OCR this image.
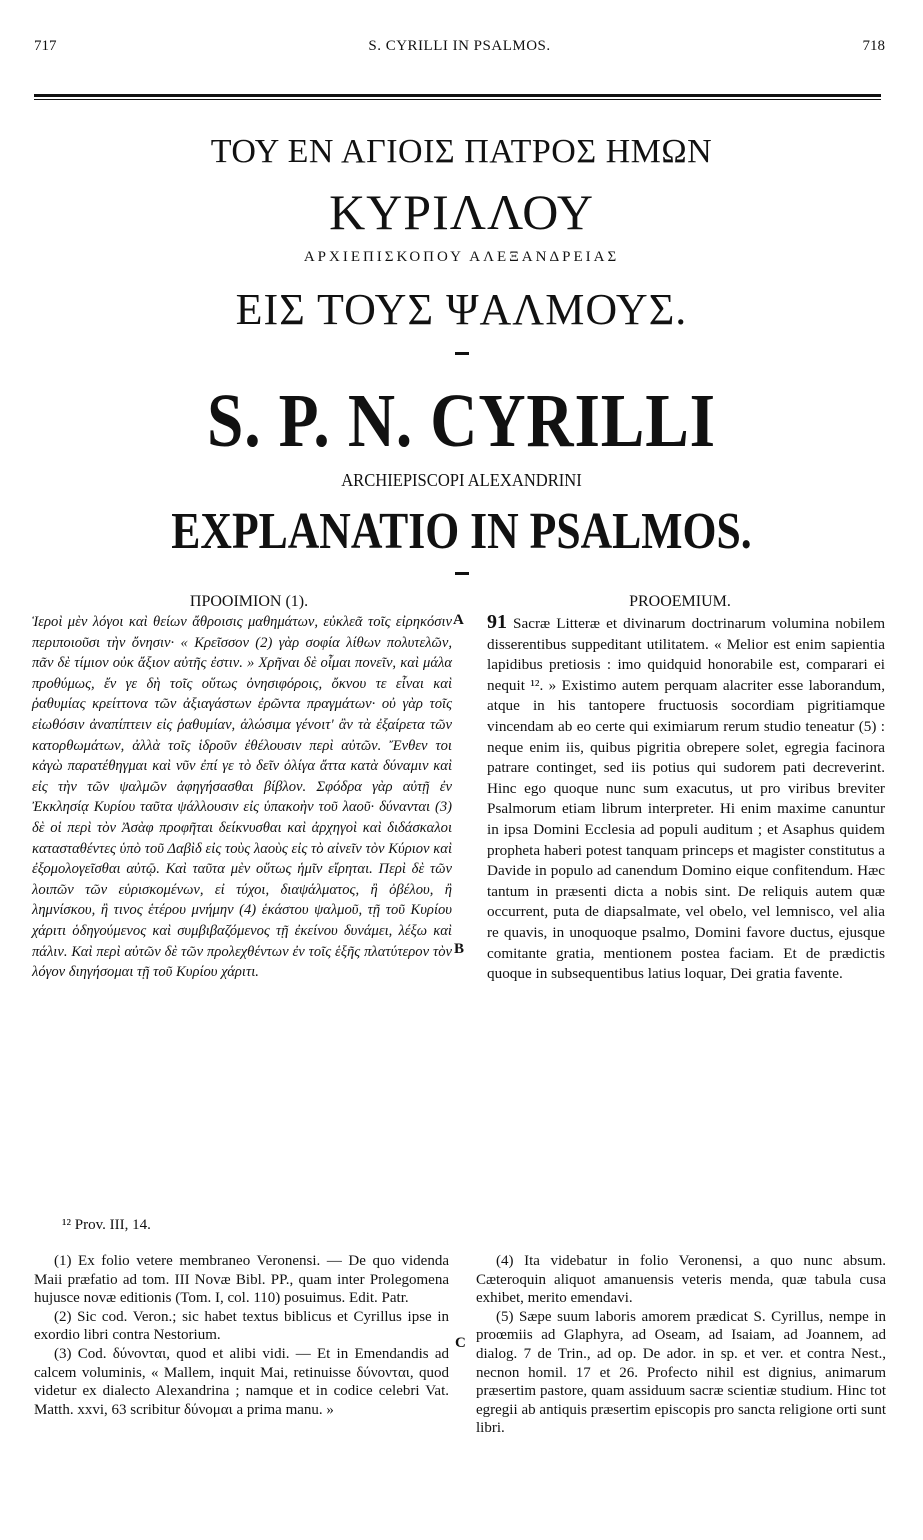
717	S. CYRILLI IN PSALMOS.	718
ΤΟΥ ΕΝ ΑΓΙΟΙΣ ΠΑΤΡΟΣ ΗΜΩΝ
ΚΥΡΙΛΛΟΥ
ΑΡΧΙΕΠΙΣΚΟΠΟΥ ΑΛΕΞΑΝΔΡΕΙΑΣ
ΕΙΣ ΤΟΥΣ ΨΑΛΜΟΥΣ.
S. P. N. CYRILLI
ARCHIEPISCOPI ALEXANDRINI
EXPLANATIO IN PSALMOS.
ΠΡΟΟΙΜΙΟΝ (1).	PROOEMIUM.
Ἱεροὶ μὲν λόγοι καὶ θείων ἄθροισις μαθημάτων, εὐκλεᾶ τοῖς εἰρηκόσιν περιποιοῦσι τὴν ὄνησιν· « Κρεῖσσον (2) γὰρ σοφία λίθων πολυτελῶν, πᾶν δὲ τίμιον οὐκ ἄξιον αὐτῆς ἐστιν. » Χρῆναι δὲ οἶμαι πονεῖν, καὶ μάλα προθύμως, ἔν γε δὴ τοῖς οὕτως ὀνησιφόροις, ὄκνου τε εἶναι καὶ ῥαθυμίας κρείττονα τῶν ἀξιαγάστων ἐρῶντα πραγμάτων· οὐ γὰρ τοῖς εἰωθόσιν ἀναπίπτειν εἰς ῥαθυμίαν, ἁλώσιμα γένοιτ' ἂν τὰ ἐξαίρετα τῶν κατορθωμάτων, ἀλλὰ τοῖς ἱδροῦν ἐθέλουσιν περὶ αὐτῶν. Ἔνθεν τοι κἀγὼ παρατέθηγμαι καὶ νῦν ἐπί γε τὸ δεῖν ὀλίγα ἄττα κατὰ δύναμιν καὶ εἰς τὴν τῶν ψαλμῶν ἀφηγήσασθαι βίβλον. Σφόδρα γὰρ αὐτῇ ἐν Ἐκκλησίᾳ Κυρίου ταῦτα ψάλλουσιν εἰς ὑπακοὴν τοῦ λαοῦ· δύνανται (3) δὲ οἱ περὶ τὸν Ἀσὰφ προφῆται δείκνυσθαι καὶ ἀρχηγοὶ καὶ διδάσκαλοι κατασταθέντες ὑπὸ τοῦ Δαβὶδ εἰς τοὺς λαοὺς εἰς τὸ αἰνεῖν τὸν Κύριον καὶ ἐξομολογεῖσθαι αὐτῷ. Καὶ ταῦτα μὲν οὕτως ἡμῖν εἴρηται. Περὶ δὲ τῶν λοιπῶν τῶν εὑρισκομένων, εἰ τύχοι, διαψάλματος, ἢ ὀβέλου, ἢ λημνίσκου, ἢ τινος ἑτέρου μνήμην (4) ἑκάστου ψαλμοῦ, τῇ τοῦ Κυρίου χάριτι ὁδηγούμενος καὶ συμβιβαζόμενος τῇ ἐκείνου δυνάμει, λέξω καὶ πάλιν. Καὶ περὶ αὐτῶν δὲ τῶν προλεχθέντων ἐν τοῖς ἑξῆς πλατύτερον τὸν λόγον διηγήσομαι τῇ τοῦ Κυρίου χάριτι.
A
B
C
91 Sacræ Litteræ et divinarum doctrinarum volumina nobilem disserentibus suppeditant utilitatem. « Melior est enim sapientia lapidibus pretiosis : imo quidquid honorabile est, comparari ei nequit ¹². » Existimo autem perquam alacriter esse laborandum, atque in his tantopere fructuosis socordiam pigritiamque vincendam ab eo certe qui eximiarum rerum studio teneatur (5) : neque enim iis, quibus pigritia obrepere solet, egregia facinora patrare continget, sed iis potius qui sudorem pati decreverint. Hinc ego quoque nunc sum exacutus, ut pro viribus breviter Psalmorum etiam librum interpreter. Hi enim maxime canuntur in ipsa Domini Ecclesia ad populi auditum ; et Asaphus quidem propheta haberi potest tanquam princeps et magister constitutus a Davide in populo ad canendum Domino eique confitendum. Hæc tantum in præsenti dicta a nobis sint. De reliquis autem quæ occurrent, puta de diapsalmate, vel obelo, vel lemnisco, vel alia re quavis, in unoquoque psalmo, Domini favore ductus, ejusque comitante gratia, mentionem postea faciam. Et de prædictis quoque in subsequentibus latius loquar, Dei gratia favente.
¹² Prov. III, 14.

(1) Ex folio vetere membraneo Veronensi. — De quo videnda Maii præfatio ad tom. III Novæ Bibl. PP., quam inter Prolegomena hujusce novæ editionis (Tom. I, col. 110) posuimus. Edit. Patr.

(2) Sic cod. Veron.; sic habet textus biblicus et Cyrillus ipse in exordio libri contra Nestorium.

(3) Cod. δύνονται, quod et alibi vidi. — Et in Emendandis ad calcem voluminis, « Mallem, inquit Mai, retinuisse δύνονται, quod videtur ex dialecto Alexandrina ; namque et in codice celebri Vat. Matth. xxvi, 63 scribitur δύνομαι a prima manu. »

(4) Ita videbatur in folio Veronensi, a quo nunc absum. Cæteroquin aliquot amanuensis veteris menda, quæ tabula cusa exhibet, merito emendavi.

(5) Sæpe suum laboris amorem prædicat S. Cyrillus, nempe in proœmiis ad Glaphyra, ad Oseam, ad Isaiam, ad Joannem, ad dialog. 7 de Trin., ad op. De ador. in sp. et ver. et contra Nest., necnon homil. 17 et 26. Profecto nihil est dignius, animarum præsertim pastore, quam assiduum sacræ scientiæ studium. Hinc tot egregii ab antiquis præsertim episcopis pro sancta religione orti sunt libri.
